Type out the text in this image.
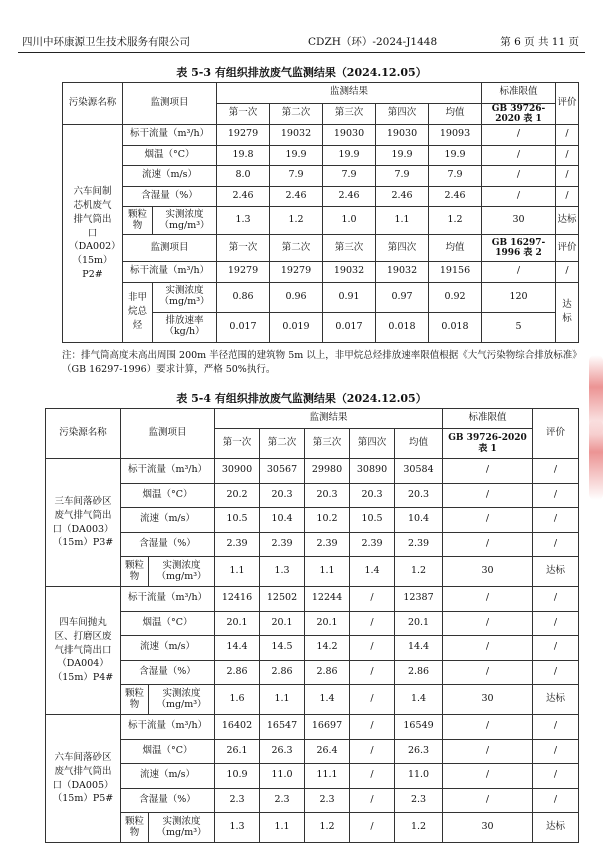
四川中环康源卫生技术服务有限公司	CDZH（环）-2024-J1448	第 6 页 共 11 页
表 5-3 有组织排放废气监测结果（2024.12.05）
污染源名称	监测项目		监测结果					标准限值	评价
			第一次	第二次	第三次	第四次	均值	GB 39726-2020 表 1	
六车间制芯机废气排气筒出口（DA002）（15m）P2#	标干流量（m³/h）		19279	19032	19030	19030	19093	/	/
	烟温（°C）		19.8	19.9	19.9	19.9	19.9	/	/
	流速（m/s）		8.0	7.9	7.9	7.9	7.9	/	/
	含湿量（%）		2.46	2.46	2.46	2.46	2.46	/	/
	颗粒物	实测浓度（mg/m³）	1.3	1.2	1.0	1.1	1.2	30	达标
	监测项目		第一次	第二次	第三次	第四次	均值	GB 16297-1996 表 2	评价
	标干流量（m³/h）		19279	19279	19032	19032	19156	/	/
	非甲烷总烃	实测浓度（mg/m³）	0.86	0.96	0.91	0.97	0.92	120	达标
		排放速率（kg/h）	0.017	0.019	0.017	0.018	0.018	5	
注：排气筒高度未高出周围 200m 半径范围的建筑物 5m 以上，非甲烷总烃排放速率限值根据《大气污染物综合排放标准》（GB 16297-1996）要求计算，严格 50%执行。
表 5-4 有组织排放废气监测结果（2024.12.05）
污染源名称	监测项目		监测结果					标准限值	评价
			第一次	第二次	第三次	第四次	均值	GB 39726-2020 表 1	
三车间落砂区废气排气筒出口（DA003）（15m）P3#	标干流量（m³/h）		30900	30567	29980	30890	30584	/	/
	烟温（°C）		20.2	20.3	20.3	20.3	20.3	/	/
	流速（m/s）		10.5	10.4	10.2	10.5	10.4	/	/
	含湿量（%）		2.39	2.39	2.39	2.39	2.39	/	/
	颗粒物	实测浓度（mg/m³）	1.1	1.3	1.1	1.4	1.2	30	达标
四车间抛丸区、打磨区废气排气筒出口（DA004）（15m）P4#	标干流量（m³/h）		12416	12502	12244	/	12387	/	/
	烟温（°C）		20.1	20.1	20.1	/	20.1	/	/
	流速（m/s）		14.4	14.5	14.2	/	14.4	/	/
	含湿量（%）		2.86	2.86	2.86	/	2.86	/	/
	颗粒物	实测浓度（mg/m³）	1.6	1.1	1.4	/	1.4	30	达标
六车间落砂区废气排气筒出口（DA005）（15m）P5#	标干流量（m³/h）		16402	16547	16697	/	16549	/	/
	烟温（°C）		26.1	26.3	26.4	/	26.3	/	/
	流速（m/s）		10.9	11.0	11.1	/	11.0	/	/
	含湿量（%）		2.3	2.3	2.3	/	2.3	/	/
	颗粒物	实测浓度（mg/m³）	1.3	1.1	1.2	/	1.2	30	达标
